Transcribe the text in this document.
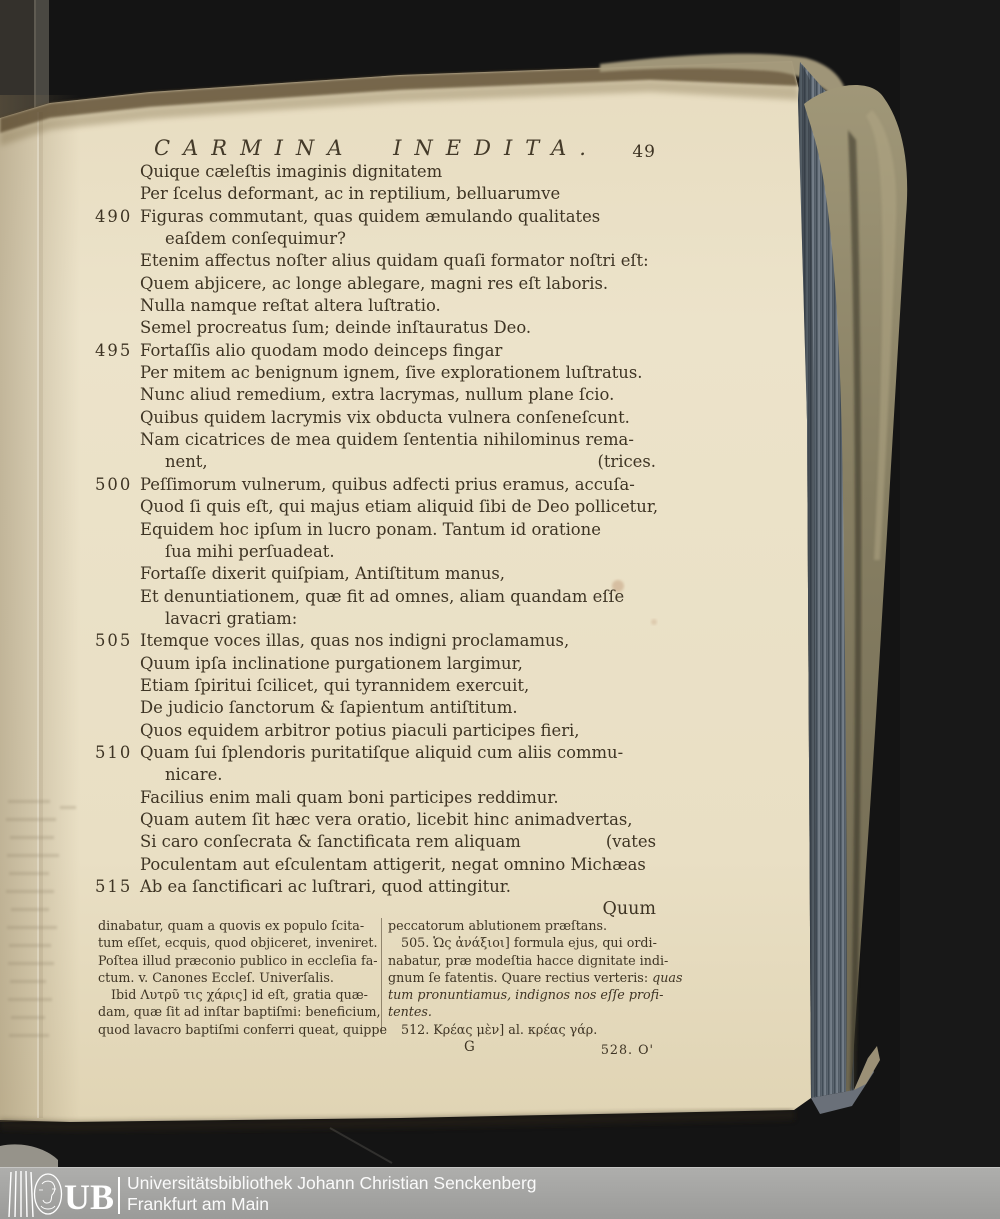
CARMINA INEDITA. 49
Quique cæleſtis imaginis dignitatem
Per ſcelus deformant, ac in reptilium, belluarumve
490 Figuras commutant, quas quidem æmulando qualitates
eaſdem conſequimur?
Etenim affectus noſter alius quidam quaſi formator noſtri eſt:
Quem abjicere, ac longe ablegare, magni res eſt laboris.
Nulla namque reſtat altera luſtratio.
Semel procreatus ſum; deinde inſtauratus Deo.
495 Fortaſſis alio quodam modo deinceps fingar
Per mitem ac benignum ignem, ſive explorationem luſtratus.
Nunc aliud remedium, extra lacrymas, nullum plane ſcio.
Quibus quidem lacrymis vix obducta vulnera conſeneſcunt.
Nam cicatrices de mea quidem ſententia nihilominus rema-
nent,	(trices.
500 Peſſimorum vulnerum, quibus adfecti prius eramus, accuſa-
Quod ſi quis eſt, qui majus etiam aliquid ſibi de Deo pollicetur,
Equidem hoc ipſum in lucro ponam. Tantum id oratione
ſua mihi perſuadeat.
Fortaſſe dixerit quiſpiam, Antiſtitum manus,
Et denuntiationem, quæ fit ad omnes, aliam quandam eſſe
lavacri gratiam:
505 Itemque voces illas, quas nos indigni proclamamus,
Quum ipſa inclinatione purgationem largimur,
Etiam ſpiritui ſcilicet, qui tyrannidem exercuit,
De judicio ſanctorum & ſapientum antiſtitum.
Quos equidem arbitror potius piaculi participes fieri,
510 Quam ſui ſplendoris puritatiſque aliquid cum aliis commu-
nicare.
Facilius enim mali quam boni participes reddimur.
Quam autem ſit hæc vera oratio, licebit hinc animadvertas,
Si caro conſecrata & ſanctificata rem aliquam	(vates
Poculentam aut eſculentam attigerit, negat omnino Michæas
515 Ab ea ſanctificari ac luſtrari, quod attingitur.
Quum
dinabatur, quam a quovis ex populo ſcita-
tum eſſet, ecquis, quod objiceret, inveniret.
Poſtea illud præconio publico in eccleſia fa-
ctum. v. Canones Eccleſ. Univerſalis.
Ibid Λυτρῦ τις χάρις] id eſt, gratia quæ-
dam, quæ ſit ad inſtar baptiſmi: beneficium,
quod lavacro baptiſmi conferri queat, quippe
peccatorum ablutionem præſtans.
505. Ὡς ἀνάξιοι] formula ejus, qui ordi-
nabatur, præ modeſtia hacce dignitate indi-
gnum ſe fatentis. Quare rectius verteris: quas
tum pronuntiamus, indignos nos eſſe profi-
tentes.
512. Κρέας μὲν] al. κρέας γάρ.
G	528. O'
UB Universitätsbibliothek Johann Christian Senckenberg
Frankfurt am Main
